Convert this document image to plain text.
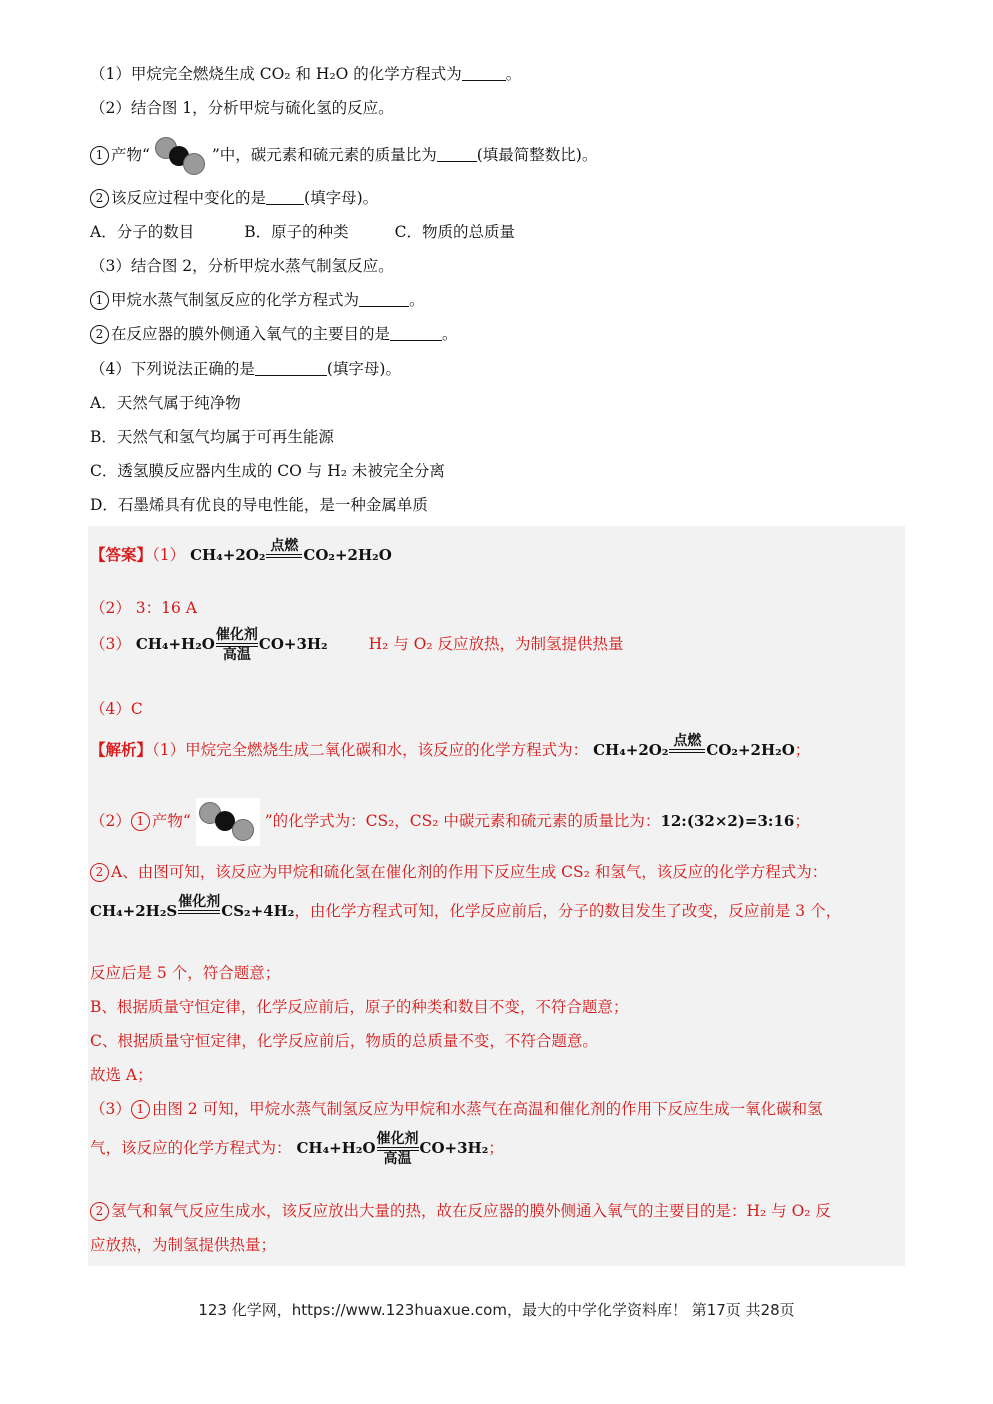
（1）甲烷完全燃烧生成 CO₂ 和 H₂O 的化学方程式为	。
（2）结合图 1，分析甲烷与硫化氢的反应。
1 产物“	”中，碳元素和硫元素的质量比为	(填最简整数比)。
2 该反应过程中变化的是 (填字母)。
A．分子的数目	B．原子的种类	C．物质的总质量
（3）结合图 2，分析甲烷水蒸气制氢反应。
1 甲烷水蒸气制氢反应的化学方程式为	。
2 在反应器的膜外侧通入氧气的主要目的是	。
（4）下列说法正确的是	(填字母)。
A．天然气属于纯净物
B．天然气和氢气均属于可再生能源
C．透氢膜反应器内生成的 CO 与 H₂ 未被完全分离
D．石墨烯具有优良的导电性能，是一种金属单质
【答案】（1） CH₄+2O₂ 点燃
CO₂+2H₂O
（2） 3：16 A
（3） CH₄+H₂O 催化剂
高温
CO+3H₂	H₂ 与 O₂ 反应放热，为制氢提供热量
（4）C
【解析】（1）甲烷完全燃烧生成二氧化碳和水，该反应的化学方程式为： CH₄+2O₂ 点燃
CO₂+2H₂O；
（2） 1 产物“	”的化学式为：CS₂，CS₂ 中碳元素和硫元素的质量比为：12:(32×2)=3:16；
2 A、由图可知，该反应为甲烷和硫化氢在催化剂的作用下反应生成 CS₂ 和氢气，该反应的化学方程式为：
CH₄+2H₂S 催化剂
CS₂+4H₂，由化学方程式可知，化学反应前后，分子的数目发生了改变，反应前是 3 个，
反应后是 5 个，符合题意；
B、根据质量守恒定律，化学反应前后，原子的种类和数目不变，不符合题意；
C、根据质量守恒定律，化学反应前后，物质的总质量不变，不符合题意。
故选 A；
（3） 1 由图 2 可知，甲烷水蒸气制氢反应为甲烷和水蒸气在高温和催化剂的作用下反应生成一氧化碳和氢
气，该反应的化学方程式为： CH₄+H₂O 催化剂
高温
CO+3H₂；
2 氢气和氧气反应生成水，该反应放出大量的热，故在反应器的膜外侧通入氧气的主要目的是：H₂ 与 O₂ 反
应放热，为制氢提供热量；
123 化学网，https://www.123huaxue.com，最大的中学化学资料库！ 第17页 共28页
